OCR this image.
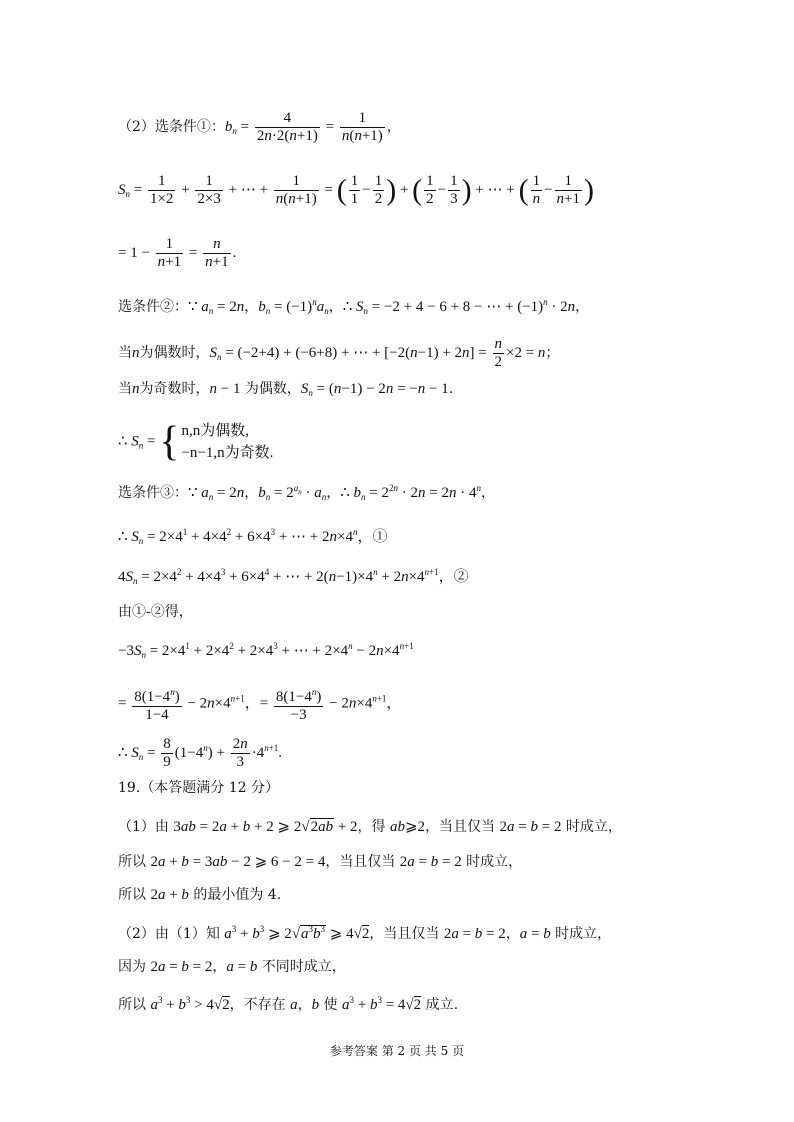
（2）选条件①：$b_n = \frac{4}{2n\cdot 2(n+1)} = \frac{1}{n(n+1)}$ ，
$S_n = \frac{1}{1\times 2} + \frac{1}{2\times 3}$ + ⋯ + $\frac{1}{n(n+1)}$ = ( $\frac{1}{1} - \frac{1}{2}$ ) + ( $\frac{1}{2} - \frac{1}{3}$ ) + ⋯ + ( $\frac{1}{n} - \frac{1}{n+1}$ )
= $1 - \frac{1}{n+1} = \frac{n}{n+1}$ .
选条件②：∵ $a_n = 2n$，$b_n = (-1)^na_n$，∴ $S_n = -2 + 4 - 6 + 8$ − ⋯ + $(-1)^n \cdot 2n$，
当n为偶数时，$S_n = (-2+4) + (-6+8)$ + ⋯ + $[-2(n-1) + 2n] = \frac{n}{2} \times 2 = n$；
当n为奇数时，n − 1 为偶数，$S_n = (n-1) - 2n = -n - 1$.
∴ $S_n$ = { n,n为偶数,
−n−1,n为奇数.
选条件③：∵ $a_n = 2n$，$b_n = 2^{a_n} \cdot a_n$，∴ $b_n = 2^{2n} \cdot 2n = 2n \cdot 4^n$，
∴ $S_n = 2\times 4^1 + 4\times 4^2 + 6\times 4^3$ + ⋯ + $2n\times 4^n$，①
$4S_n = 2\times 4^2 + 4\times 4^3 + 6\times 4^4$ + ⋯ + $2(n-1)\times 4^n + 2n\times 4^{n+1}$，②
由①-②得，
$-3S_n = 2\times 4^1 + 2\times 4^2 + 2\times 4^3$ + ⋯ + $2\times 4^n - 2n\times 4^{n+1}$
= $\frac{8(1-4^n)}{1-4} - 2n\times 4^{n+1}$，= $\frac{8(1-4^n)}{-3} - 2n\times 4^{n+1}$，
∴ $S_n = \frac{8}{9} (1-4^n) + \frac{2n}{3} \cdot 4^{n+1}$.
19.（本答题满分 12 分）
（1）由 3ab = 2a + b + 2 ⩾ 2√2ab + 2，得 ab⩾2，当且仅当 2a = b = 2 时成立，
所以 2a + b = 3ab − 2 ⩾ 6 − 2 = 4，当且仅当 2a = b = 2 时成立，
所以 2a + b 的最小值为 4.
（2）由（1）知 $a^3 + b^3$ ⩾ $2√a^3b^3$ ⩾ 4√2，当且仅当 2a = b = 2，a = b 时成立，
因为 2a = b = 2，a = b 不同时成立，
所以 $a^3 + b^3 > 4√2$，不存在 a，b 使 $a^3 + b^3 = 4√2$ 成立.
参考答案 第 2 页 共 5 页
